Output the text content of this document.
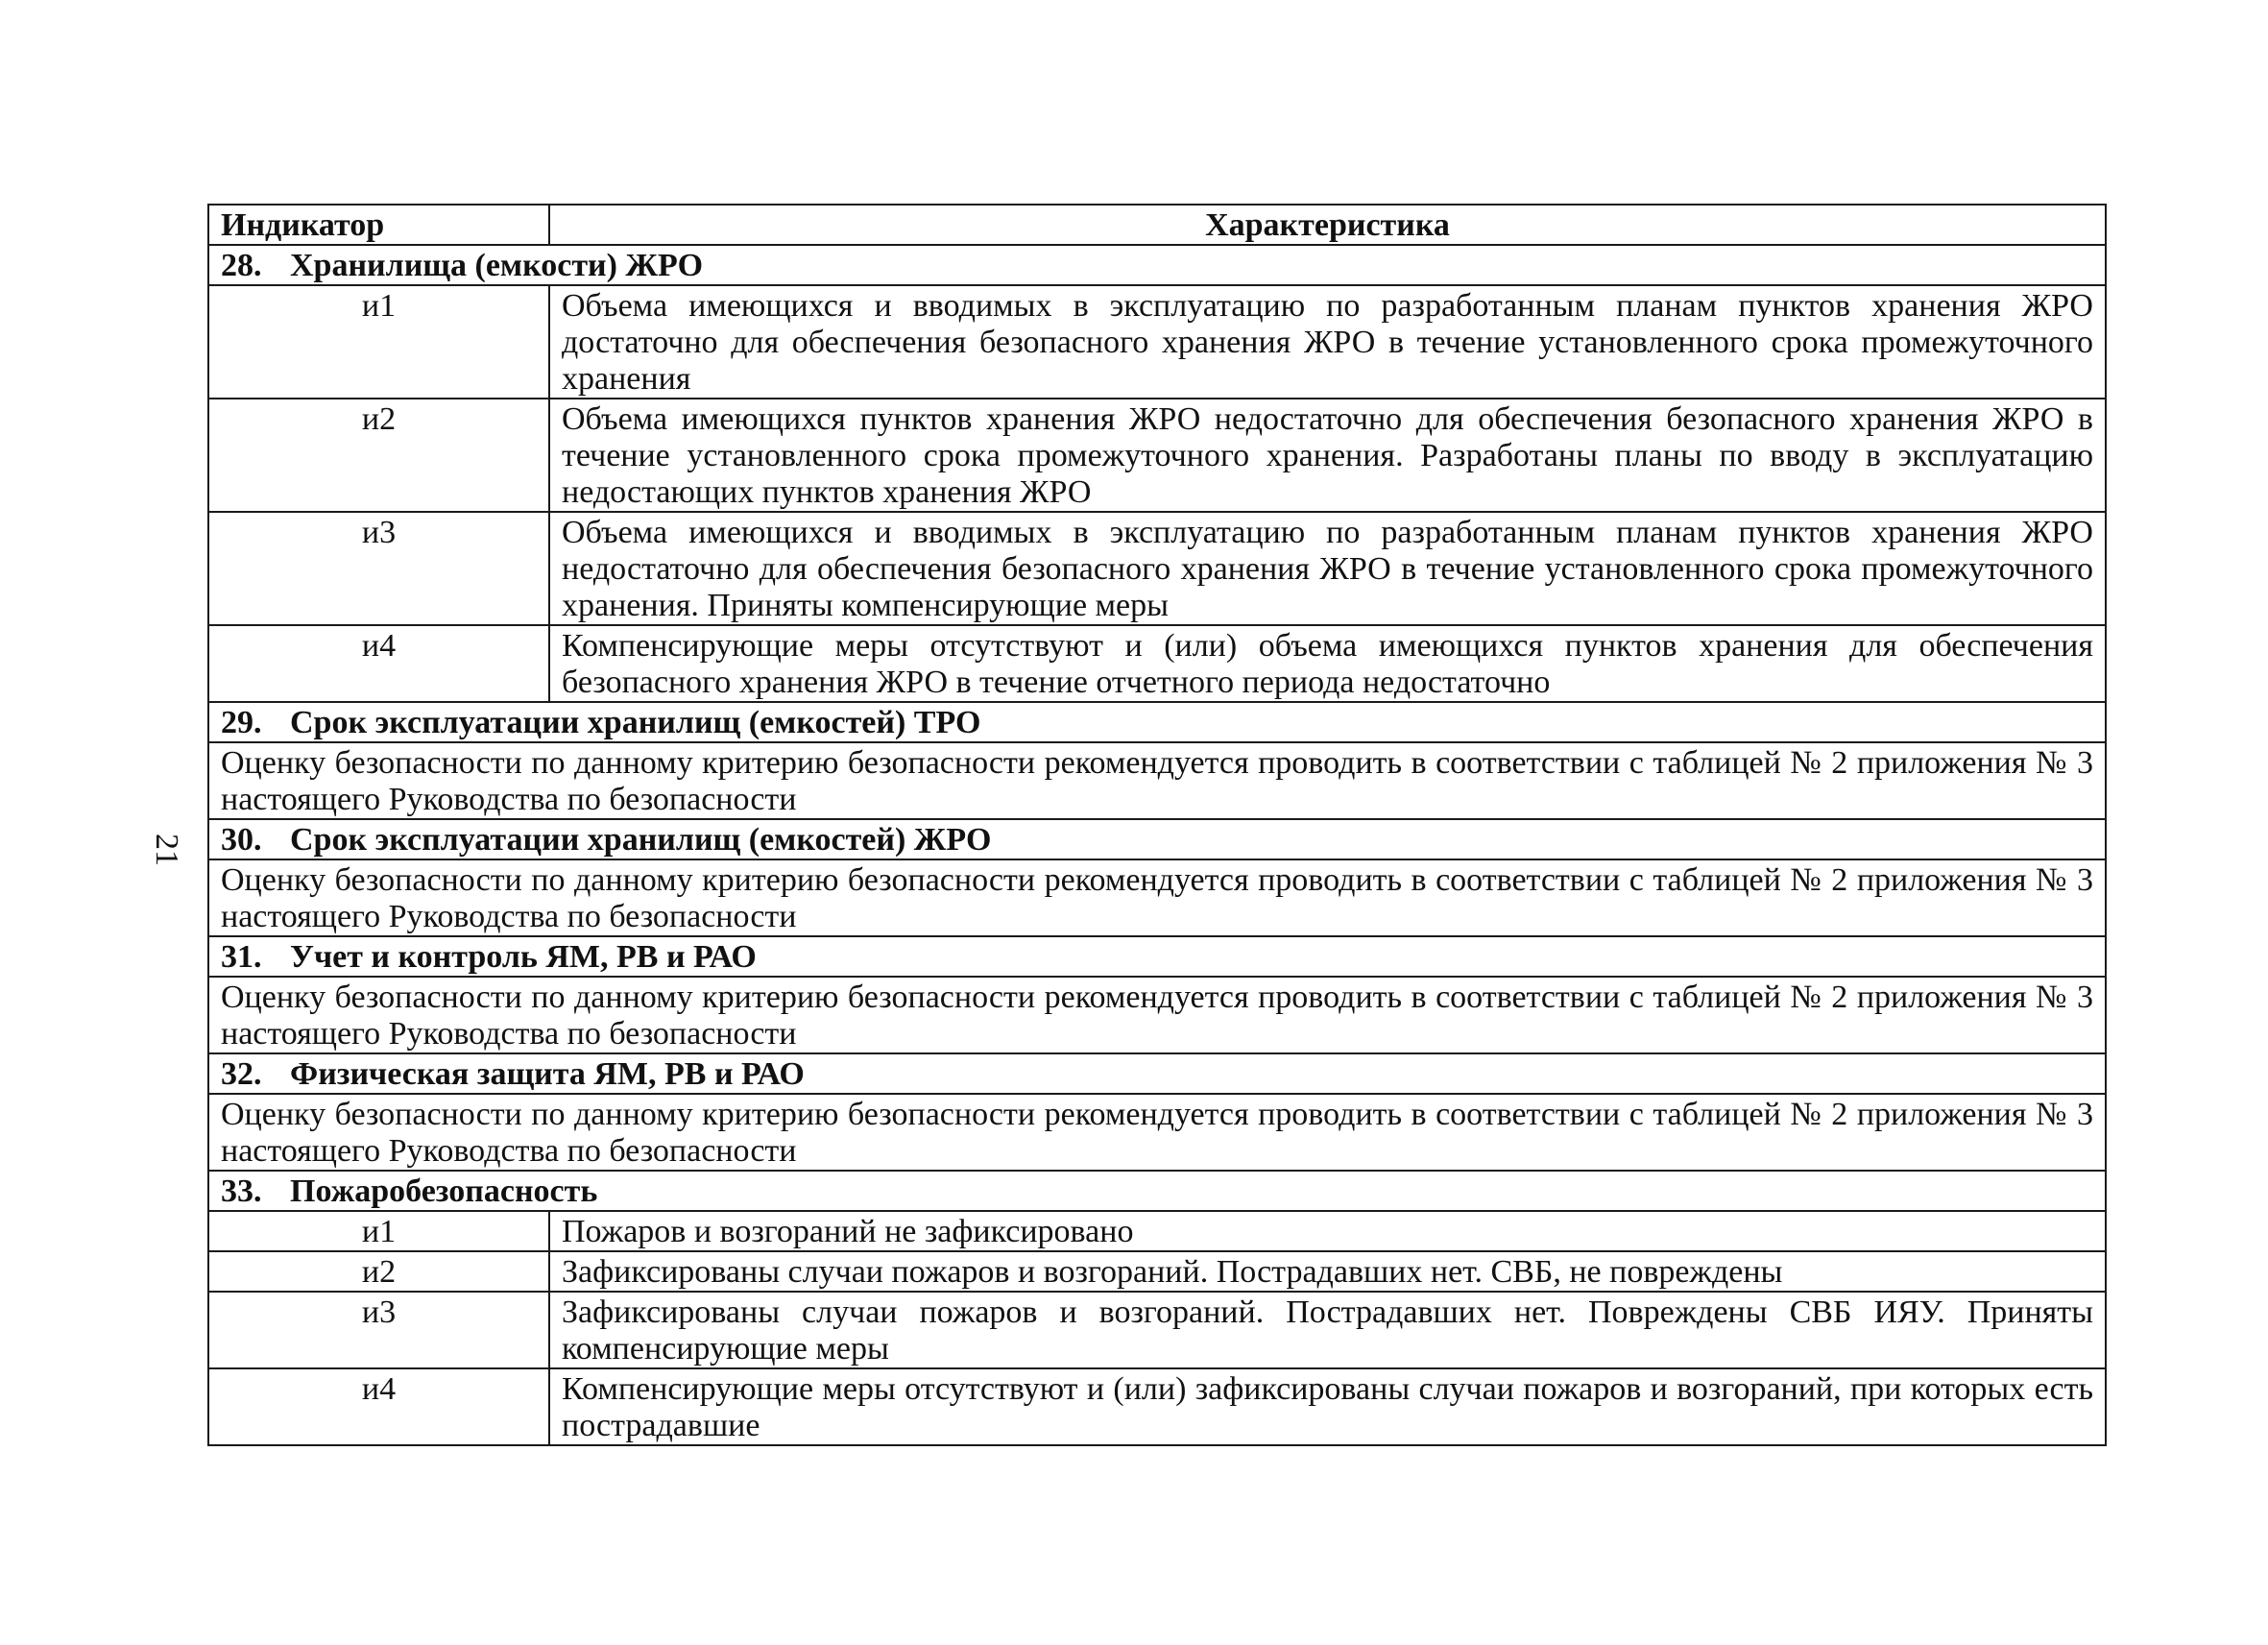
21
Индикатор	Характеристика
28. Хранилища (емкости) ЖРО	
и1	Объема имеющихся и вводимых в эксплуатацию по разработанным планам пунктов хранения ЖРО достаточно для обеспечения безопасного хранения ЖРО в течение установленного срока промежуточного хранения
и2	Объема имеющихся пунктов хранения ЖРО недостаточно для обеспечения безопасного хранения ЖРО в течение установленного срока промежуточного хранения. Разработаны планы по вводу в эксплуатацию недостающих пунктов хранения ЖРО
и3	Объема имеющихся и вводимых в эксплуатацию по разработанным планам пунктов хранения ЖРО недостаточно для обеспечения безопасного хранения ЖРО в течение установленного срока промежуточного хранения. Приняты компенсирующие меры
и4	Компенсирующие меры отсутствуют и (или) объема имеющихся пунктов хранения для обеспечения безопасного хранения ЖРО в течение отчетного периода недостаточно
29. Срок эксплуатации хранилищ (емкостей) ТРО	
Оценку безопасности по данному критерию безопасности рекомендуется проводить в соответствии с таблицей № 2 приложения № 3 настоящего Руководства по безопасности	
30. Срок эксплуатации хранилищ (емкостей) ЖРО	
Оценку безопасности по данному критерию безопасности рекомендуется проводить в соответствии с таблицей № 2 приложения № 3 настоящего Руководства по безопасности	
31. Учет и контроль ЯМ, РВ и РАО	
Оценку безопасности по данному критерию безопасности рекомендуется проводить в соответствии с таблицей № 2 приложения № 3 настоящего Руководства по безопасности	
32. Физическая защита ЯМ, РВ и РАО	
Оценку безопасности по данному критерию безопасности рекомендуется проводить в соответствии с таблицей № 2 приложения № 3 настоящего Руководства по безопасности	
33. Пожаробезопасность	
и1	Пожаров и возгораний не зафиксировано
и2	Зафиксированы случаи пожаров и возгораний. Пострадавших нет. СВБ, не повреждены
и3	Зафиксированы случаи пожаров и возгораний. Пострадавших нет. Повреждены СВБ ИЯУ. Приняты компенсирующие меры
и4	Компенсирующие меры отсутствуют и (или) зафиксированы случаи пожаров и возгораний, при которых есть пострадавшие
